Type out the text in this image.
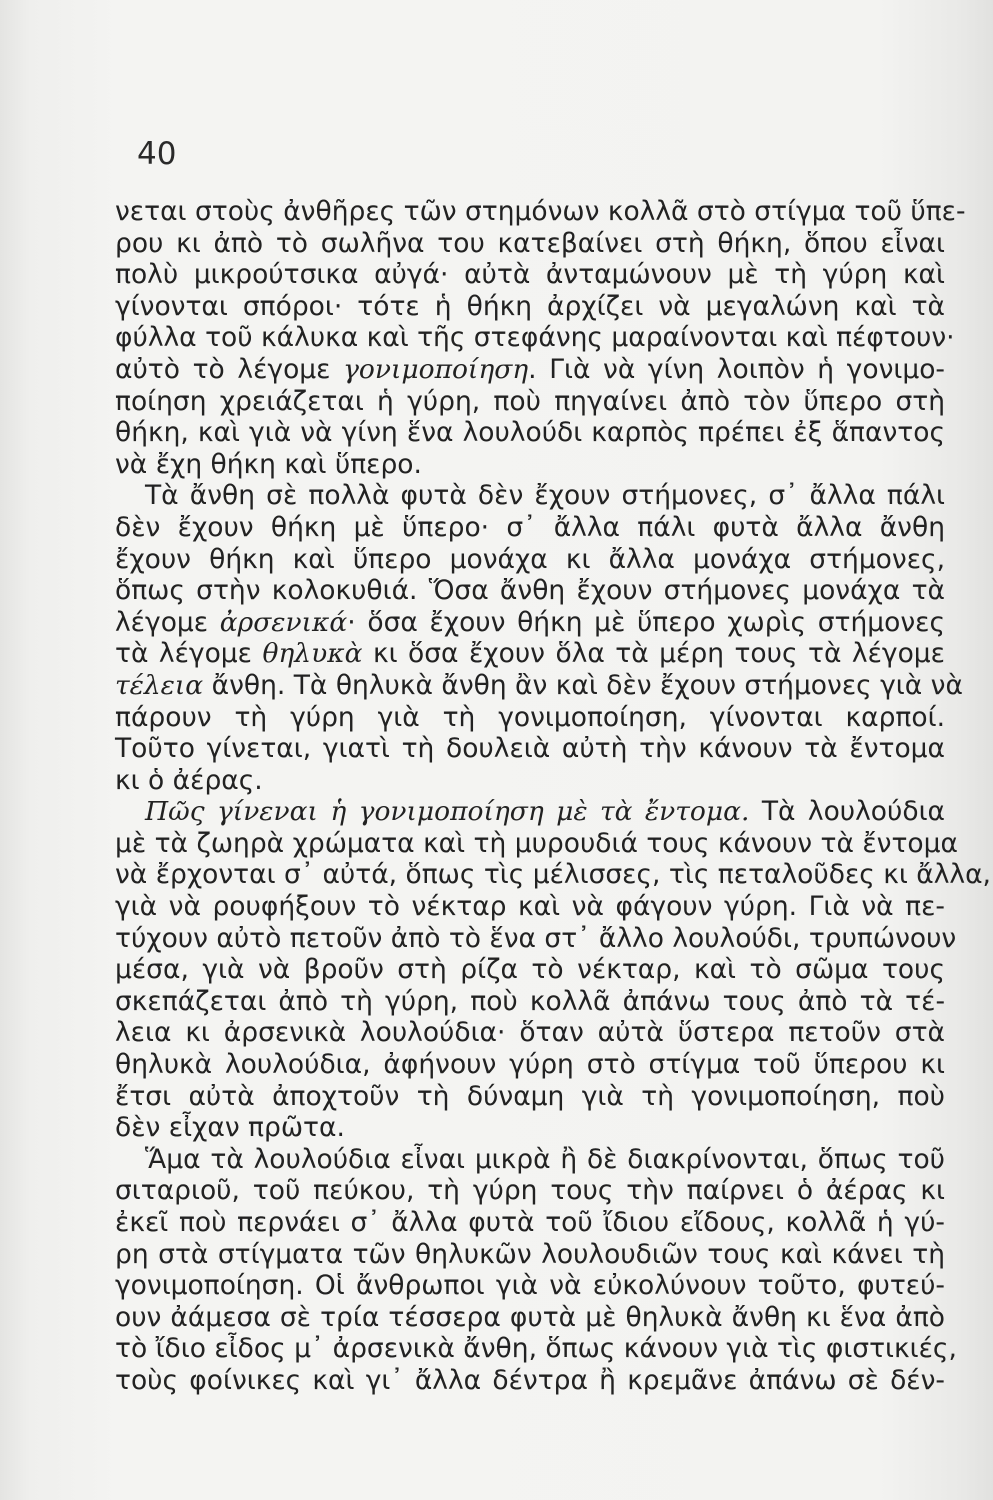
40
νεται στοὺς ἀνθῆρες τῶν στημόνων κολλᾶ στὸ στίγμα τοῦ ὕπε-
ρου κι ἀπὸ τὸ σωλῆνα του κατεβαίνει στὴ θήκη, ὅπου εἶναι
πολὺ μικρούτσικα αὐγά· αὐτὰ ἀνταμώνουν μὲ τὴ γύρη καὶ
γίνονται σπόροι· τότε ἡ θήκη ἀρχίζει νὰ μεγαλώνη καὶ τὰ
φύλλα τοῦ κάλυκα καὶ τῆς στεφάνης μαραίνονται καὶ πέφτουν·
αὐτὸ τὸ λέγομε γονιμοποίηση. Γιὰ νὰ γίνη λοιπὸν ἡ γονιμο-
ποίηση χρειάζεται ἡ γύρη, ποὺ πηγαίνει ἀπὸ τὸν ὕπερο στὴ
θήκη, καὶ γιὰ νὰ γίνη ἕνα λουλούδι καρπὸς πρέπει ἐξ ἅπαντος
νὰ ἔχη θήκη καὶ ὕπερο.
Τὰ ἄνθη σὲ πολλὰ φυτὰ δὲν ἔχουν στήμονες, σ᾿ ἄλλα πάλι
δὲν ἔχουν θήκη μὲ ὕπερο· σ᾿ ἄλλα πάλι φυτὰ ἄλλα ἄνθη
ἔχουν θήκη καὶ ὕπερο μονάχα κι ἄλλα μονάχα στήμονες,
ὅπως στὴν κολοκυθιά. Ὅσα ἄνθη ἔχουν στήμονες μονάχα τὰ
λέγομε ἀρσενικά· ὅσα ἔχουν θήκη μὲ ὕπερο χωρὶς στήμονες
τὰ λέγομε θηλυκὰ κι ὅσα ἔχουν ὅλα τὰ μέρη τους τὰ λέγομε
τέλεια ἄνθη. Τὰ θηλυκὰ ἄνθη ἂν καὶ δὲν ἔχουν στήμονες γιὰ νὰ
πάρουν τὴ γύρη γιὰ τὴ γονιμοποίηση, γίνονται καρποί.
Τοῦτο γίνεται, γιατὶ τὴ δουλειὰ αὐτὴ τὴν κάνουν τὰ ἔντομα
κι ὁ ἀέρας.
Πῶς γίνεναι ἡ γονιμοποίηση μὲ τὰ ἔντομα. Τὰ λουλούδια
μὲ τὰ ζωηρὰ χρώματα καὶ τὴ μυρουδιά τους κάνουν τὰ ἔντομα
νὰ ἔρχονται σ᾿ αὐτά, ὅπως τὶς μέλισσες, τὶς πεταλοῦδες κι ἄλλα,
γιὰ νὰ ρουφήξουν τὸ νέκταρ καὶ νὰ φάγουν γύρη. Γιὰ νὰ πε-
τύχουν αὐτὸ πετοῦν ἀπὸ τὸ ἕνα στ᾿ ἄλλο λουλούδι, τρυπώνουν
μέσα, γιὰ νὰ βροῦν στὴ ρίζα τὸ νέκταρ, καὶ τὸ σῶμα τους
σκεπάζεται ἀπὸ τὴ γύρη, ποὺ κολλᾶ ἀπάνω τους ἀπὸ τὰ τέ-
λεια κι ἀρσενικὰ λουλούδια· ὅταν αὐτὰ ὕστερα πετοῦν στὰ
θηλυκὰ λουλούδια, ἀφήνουν γύρη στὸ στίγμα τοῦ ὕπερου κι
ἔτσι αὐτὰ ἀποχτοῦν τὴ δύναμη γιὰ τὴ γονιμοποίηση, ποὺ
δὲν εἶχαν πρῶτα.
Ἅμα τὰ λουλούδια εἶναι μικρὰ ἢ δὲ διακρίνονται, ὅπως τοῦ
σιταριοῦ, τοῦ πεύκου, τὴ γύρη τους τὴν παίρνει ὁ ἀέρας κι
ἐκεῖ ποὺ περνάει σ᾿ ἄλλα φυτὰ τοῦ ἴδιου εἴδους, κολλᾶ ἡ γύ-
ρη στὰ στίγματα τῶν θηλυκῶν λουλουδιῶν τους καὶ κάνει τὴ
γονιμοποίηση. Οἱ ἄνθρωποι γιὰ νὰ εὐκολύνουν τοῦτο, φυτεύ-
ουν ἀάμεσα σὲ τρία τέσσερα φυτὰ μὲ θηλυκὰ ἄνθη κι ἕνα ἀπὸ
τὸ ἴδιο εἶδος μ᾿ ἀρσενικὰ ἄνθη, ὅπως κάνουν γιὰ τὶς φιστικιές,
τοὺς φοίνικες καὶ γι᾿ ἄλλα δέντρα ἢ κρεμᾶνε ἀπάνω σὲ δέν-
